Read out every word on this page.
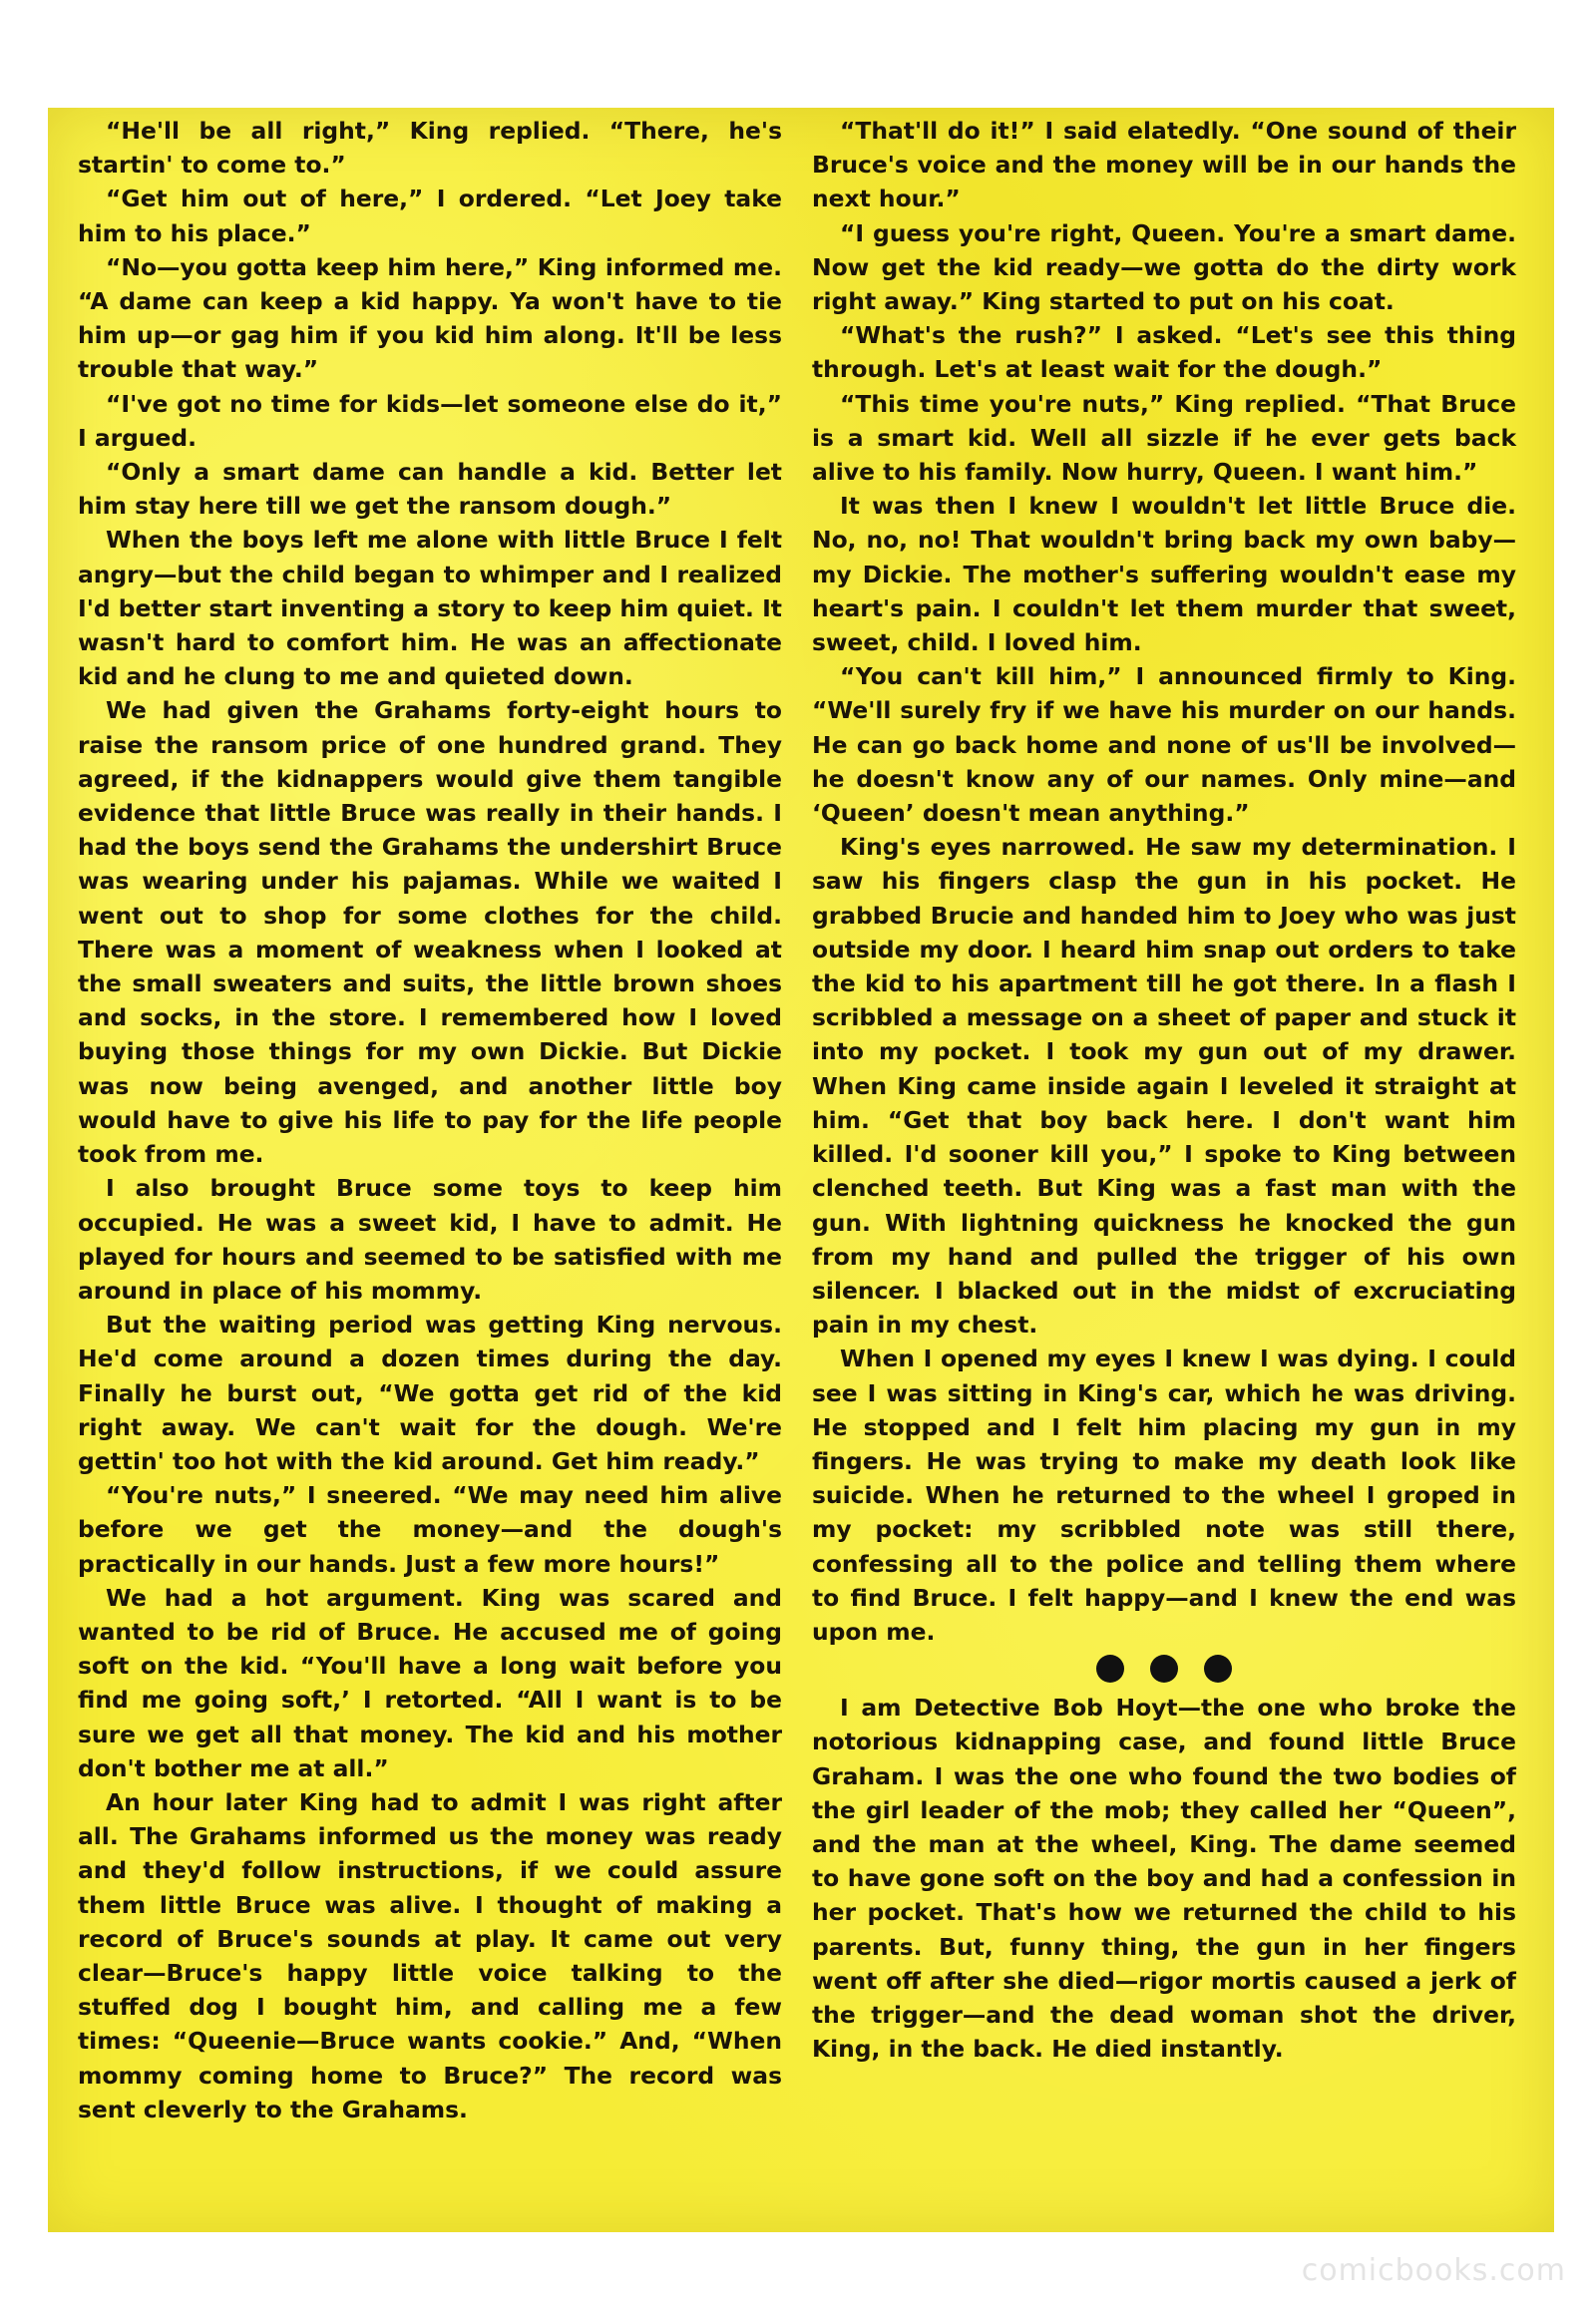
“He'll be all right,” King replied. “There, he's startin' to come to.”

“Get him out of here,” I ordered. “Let Joey take him to his place.”

“No—you gotta keep him here,” King informed me. “A dame can keep a kid happy. Ya won't have to tie him up—or gag him if you kid him along. It'll be less trouble that way.”

“I've got no time for kids—let someone else do it,” I argued.

“Only a smart dame can handle a kid. Better let him stay here till we get the ransom dough.”

When the boys left me alone with little Bruce I felt angry—but the child began to whimper and I realized I'd better start inventing a story to keep him quiet. It wasn't hard to comfort him. He was an affectionate kid and he clung to me and quieted down.

We had given the Grahams forty-eight hours to raise the ransom price of one hundred grand. They agreed, if the kidnappers would give them tangible evidence that little Bruce was really in their hands. I had the boys send the Grahams the undershirt Bruce was wearing under his pajamas. While we waited I went out to shop for some clothes for the child. There was a moment of weakness when I looked at the small sweaters and suits, the little brown shoes and socks, in the store. I remembered how I loved buying those things for my own Dickie. But Dickie was now being avenged, and another little boy would have to give his life to pay for the life people took from me.

I also brought Bruce some toys to keep him occupied. He was a sweet kid, I have to admit. He played for hours and seemed to be satisfied with me around in place of his mommy.

But the waiting period was getting King nervous. He'd come around a dozen times during the day. Finally he burst out, “We gotta get rid of the kid right away. We can't wait for the dough. We're gettin' too hot with the kid around. Get him ready.”

“You're nuts,” I sneered. “We may need him alive before we get the money—and the dough's practically in our hands. Just a few more hours!”

We had a hot argument. King was scared and wanted to be rid of Bruce. He accused me of going soft on the kid. “You'll have a long wait before you find me going soft,’ I retorted. “All I want is to be sure we get all that money. The kid and his mother don't bother me at all.”

An hour later King had to admit I was right after all. The Grahams informed us the money was ready and they'd follow instructions, if we could assure them little Bruce was alive. I thought of making a record of Bruce's sounds at play. It came out very clear—Bruce's happy little voice talking to the stuffed dog I bought him, and calling me a few times: “Queenie—Bruce wants cookie.” And, “When mommy coming home to Bruce?” The record was sent cleverly to the Grahams.

“That'll do it!” I said elatedly. “One sound of their Bruce's voice and the money will be in our hands the next hour.”

“I guess you're right, Queen. You're a smart dame. Now get the kid ready—we gotta do the dirty work right away.” King started to put on his coat.

“What's the rush?” I asked. “Let's see this thing through. Let's at least wait for the dough.”

“This time you're nuts,” King replied. “That Bruce is a smart kid. Well all sizzle if he ever gets back alive to his family. Now hurry, Queen. I want him.”

It was then I knew I wouldn't let little Bruce die. No, no, no! That wouldn't bring back my own baby—my Dickie. The mother's suffering wouldn't ease my heart's pain. I couldn't let them murder that sweet, sweet, child. I loved him.

“You can't kill him,” I announced firmly to King. “We'll surely fry if we have his murder on our hands. He can go back home and none of us'll be involved—he doesn't know any of our names. Only mine—and ‘Queen’ doesn't mean anything.”

King's eyes narrowed. He saw my determination. I saw his fingers clasp the gun in his pocket. He grabbed Brucie and handed him to Joey who was just outside my door. I heard him snap out orders to take the kid to his apartment till he got there. In a flash I scribbled a message on a sheet of paper and stuck it into my pocket. I took my gun out of my drawer. When King came inside again I leveled it straight at him. “Get that boy back here. I don't want him killed. I'd sooner kill you,” I spoke to King between clenched teeth. But King was a fast man with the gun. With lightning quickness he knocked the gun from my hand and pulled the trigger of his own silencer. I blacked out in the midst of excruciating pain in my chest.

When I opened my eyes I knew I was dying. I could see I was sitting in King's car, which he was driving. He stopped and I felt him placing my gun in my fingers. He was trying to make my death look like suicide. When he returned to the wheel I groped in my pocket: my scribbled note was still there, confessing all to the police and telling them where to find Bruce. I felt happy—and I knew the end was upon me.

I am Detective Bob Hoyt—the one who broke the notorious kidnapping case, and found little Bruce Graham. I was the one who found the two bodies of the girl leader of the mob; they called her “Queen”, and the man at the wheel, King. The dame seemed to have gone soft on the boy and had a confession in her pocket. That's how we returned the child to his parents. But, funny thing, the gun in her fingers went off after she died—rigor mortis caused a jerk of the trigger—and the dead woman shot the driver, King, in the back. He died instantly.

comicbooks.com
